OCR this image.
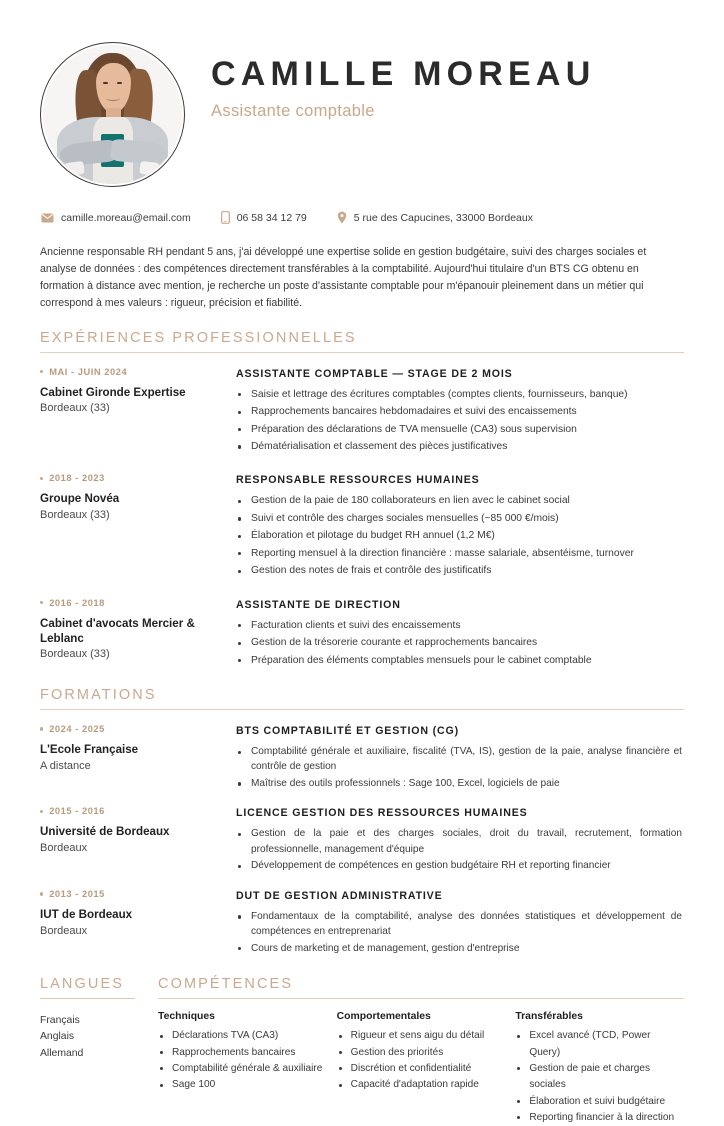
CAMILLE MOREAU
Assistante comptable
camille.moreau@email.com	06 58 34 12 79	5 rue des Capucines, 33000 Bordeaux
Ancienne responsable RH pendant 5 ans, j'ai développé une expertise solide en gestion budgétaire, suivi des charges sociales et analyse de données : des compétences directement transférables à la comptabilité. Aujourd'hui titulaire d'un BTS CG obtenu en formation à distance avec mention, je recherche un poste d'assistante comptable pour m'épanouir pleinement dans un métier qui correspond à mes valeurs : rigueur, précision et fiabilité.
EXPÉRIENCES PROFESSIONNELLES
MAI - JUIN 2024
Cabinet Gironde Expertise
Bordeaux (33)
ASSISTANTE COMPTABLE — STAGE DE 2 MOIS
Saisie et lettrage des écritures comptables (comptes clients, fournisseurs, banque)
Rapprochements bancaires hebdomadaires et suivi des encaissements
Préparation des déclarations de TVA mensuelle (CA3) sous supervision
Dématérialisation et classement des pièces justificatives
2018 - 2023
Groupe Novéa
Bordeaux (33)
RESPONSABLE RESSOURCES HUMAINES
Gestion de la paie de 180 collaborateurs en lien avec le cabinet social
Suivi et contrôle des charges sociales mensuelles (~85 000 €/mois)
Élaboration et pilotage du budget RH annuel (1,2 M€)
Reporting mensuel à la direction financière : masse salariale, absentéisme, turnover
Gestion des notes de frais et contrôle des justificatifs
2016 - 2018
Cabinet d'avocats Mercier & Leblanc
Bordeaux (33)
ASSISTANTE DE DIRECTION
Facturation clients et suivi des encaissements
Gestion de la trésorerie courante et rapprochements bancaires
Préparation des éléments comptables mensuels pour le cabinet comptable
FORMATIONS
2024 - 2025
L'Ecole Française
A distance
BTS COMPTABILITÉ ET GESTION (CG)
Comptabilité générale et auxiliaire, fiscalité (TVA, IS), gestion de la paie, analyse financière et contrôle de gestion
Maîtrise des outils professionnels : Sage 100, Excel, logiciels de paie
2015 - 2016
Université de Bordeaux
Bordeaux
LICENCE GESTION DES RESSOURCES HUMAINES
Gestion de la paie et des charges sociales, droit du travail, recrutement, formation professionnelle, management d'équipe
Développement de compétences en gestion budgétaire RH et reporting financier
2013 - 2015
IUT de Bordeaux
Bordeaux
DUT DE GESTION ADMINISTRATIVE
Fondamentaux de la comptabilité, analyse des données statistiques et développement de compétences en entreprenariat
Cours de marketing et de management, gestion d'entreprise
LANGUES
Français
Anglais
Allemand
COMPÉTENCES
Techniques
Déclarations TVA (CA3)
Rapprochements bancaires
Comptabilité générale & auxiliaire
Sage 100
Comportementales
Rigueur et sens aigu du détail
Gestion des priorités
Discrétion et confidentialité
Capacité d'adaptation rapide
Transférables
Excel avancé (TCD, Power Query)
Gestion de paie et charges sociales
Élaboration et suivi budgétaire
Reporting financier à la direction
